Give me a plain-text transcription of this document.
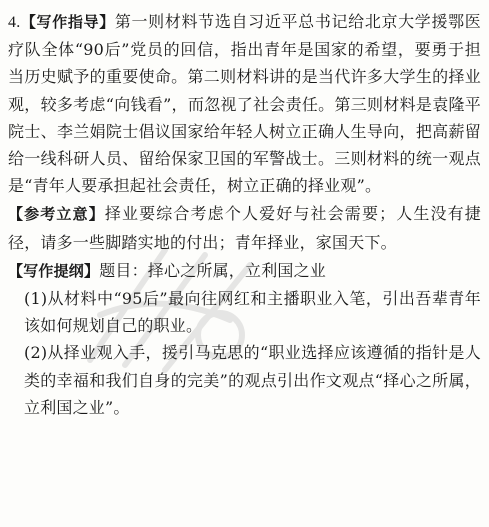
4.【写作指导】第一则材料节选自习近平总书记给北京大学援鄂医疗队全体“90后”党员的回信，指出青年是国家的希望，要勇于担当历史赋予的重要使命。第二则材料讲的是当代许多大学生的择业观，较多考虑“向钱看”，而忽视了社会责任。第三则材料是袁隆平院士、李兰娟院士倡议国家给年轻人树立正确人生导向，把高薪留给一线科研人员、留给保家卫国的军警战士。三则材料的统一观点是“青年人要承担起社会责任，树立正确的择业观”。

【参考立意】择业要综合考虑个人爱好与社会需要；人生没有捷径，请多一些脚踏实地的付出；青年择业，家国天下。

【写作提纲】题目：择心之所属，立利国之业

(1)从材料中“95后”最向往网红和主播职业入笔，引出吾辈青年该如何规划自己的职业。

(2)从择业观入手，援引马克思的“职业选择应该遵循的指针是人类的幸福和我们自身的完美”的观点引出作文观点“择心之所属，立利国之业”。
